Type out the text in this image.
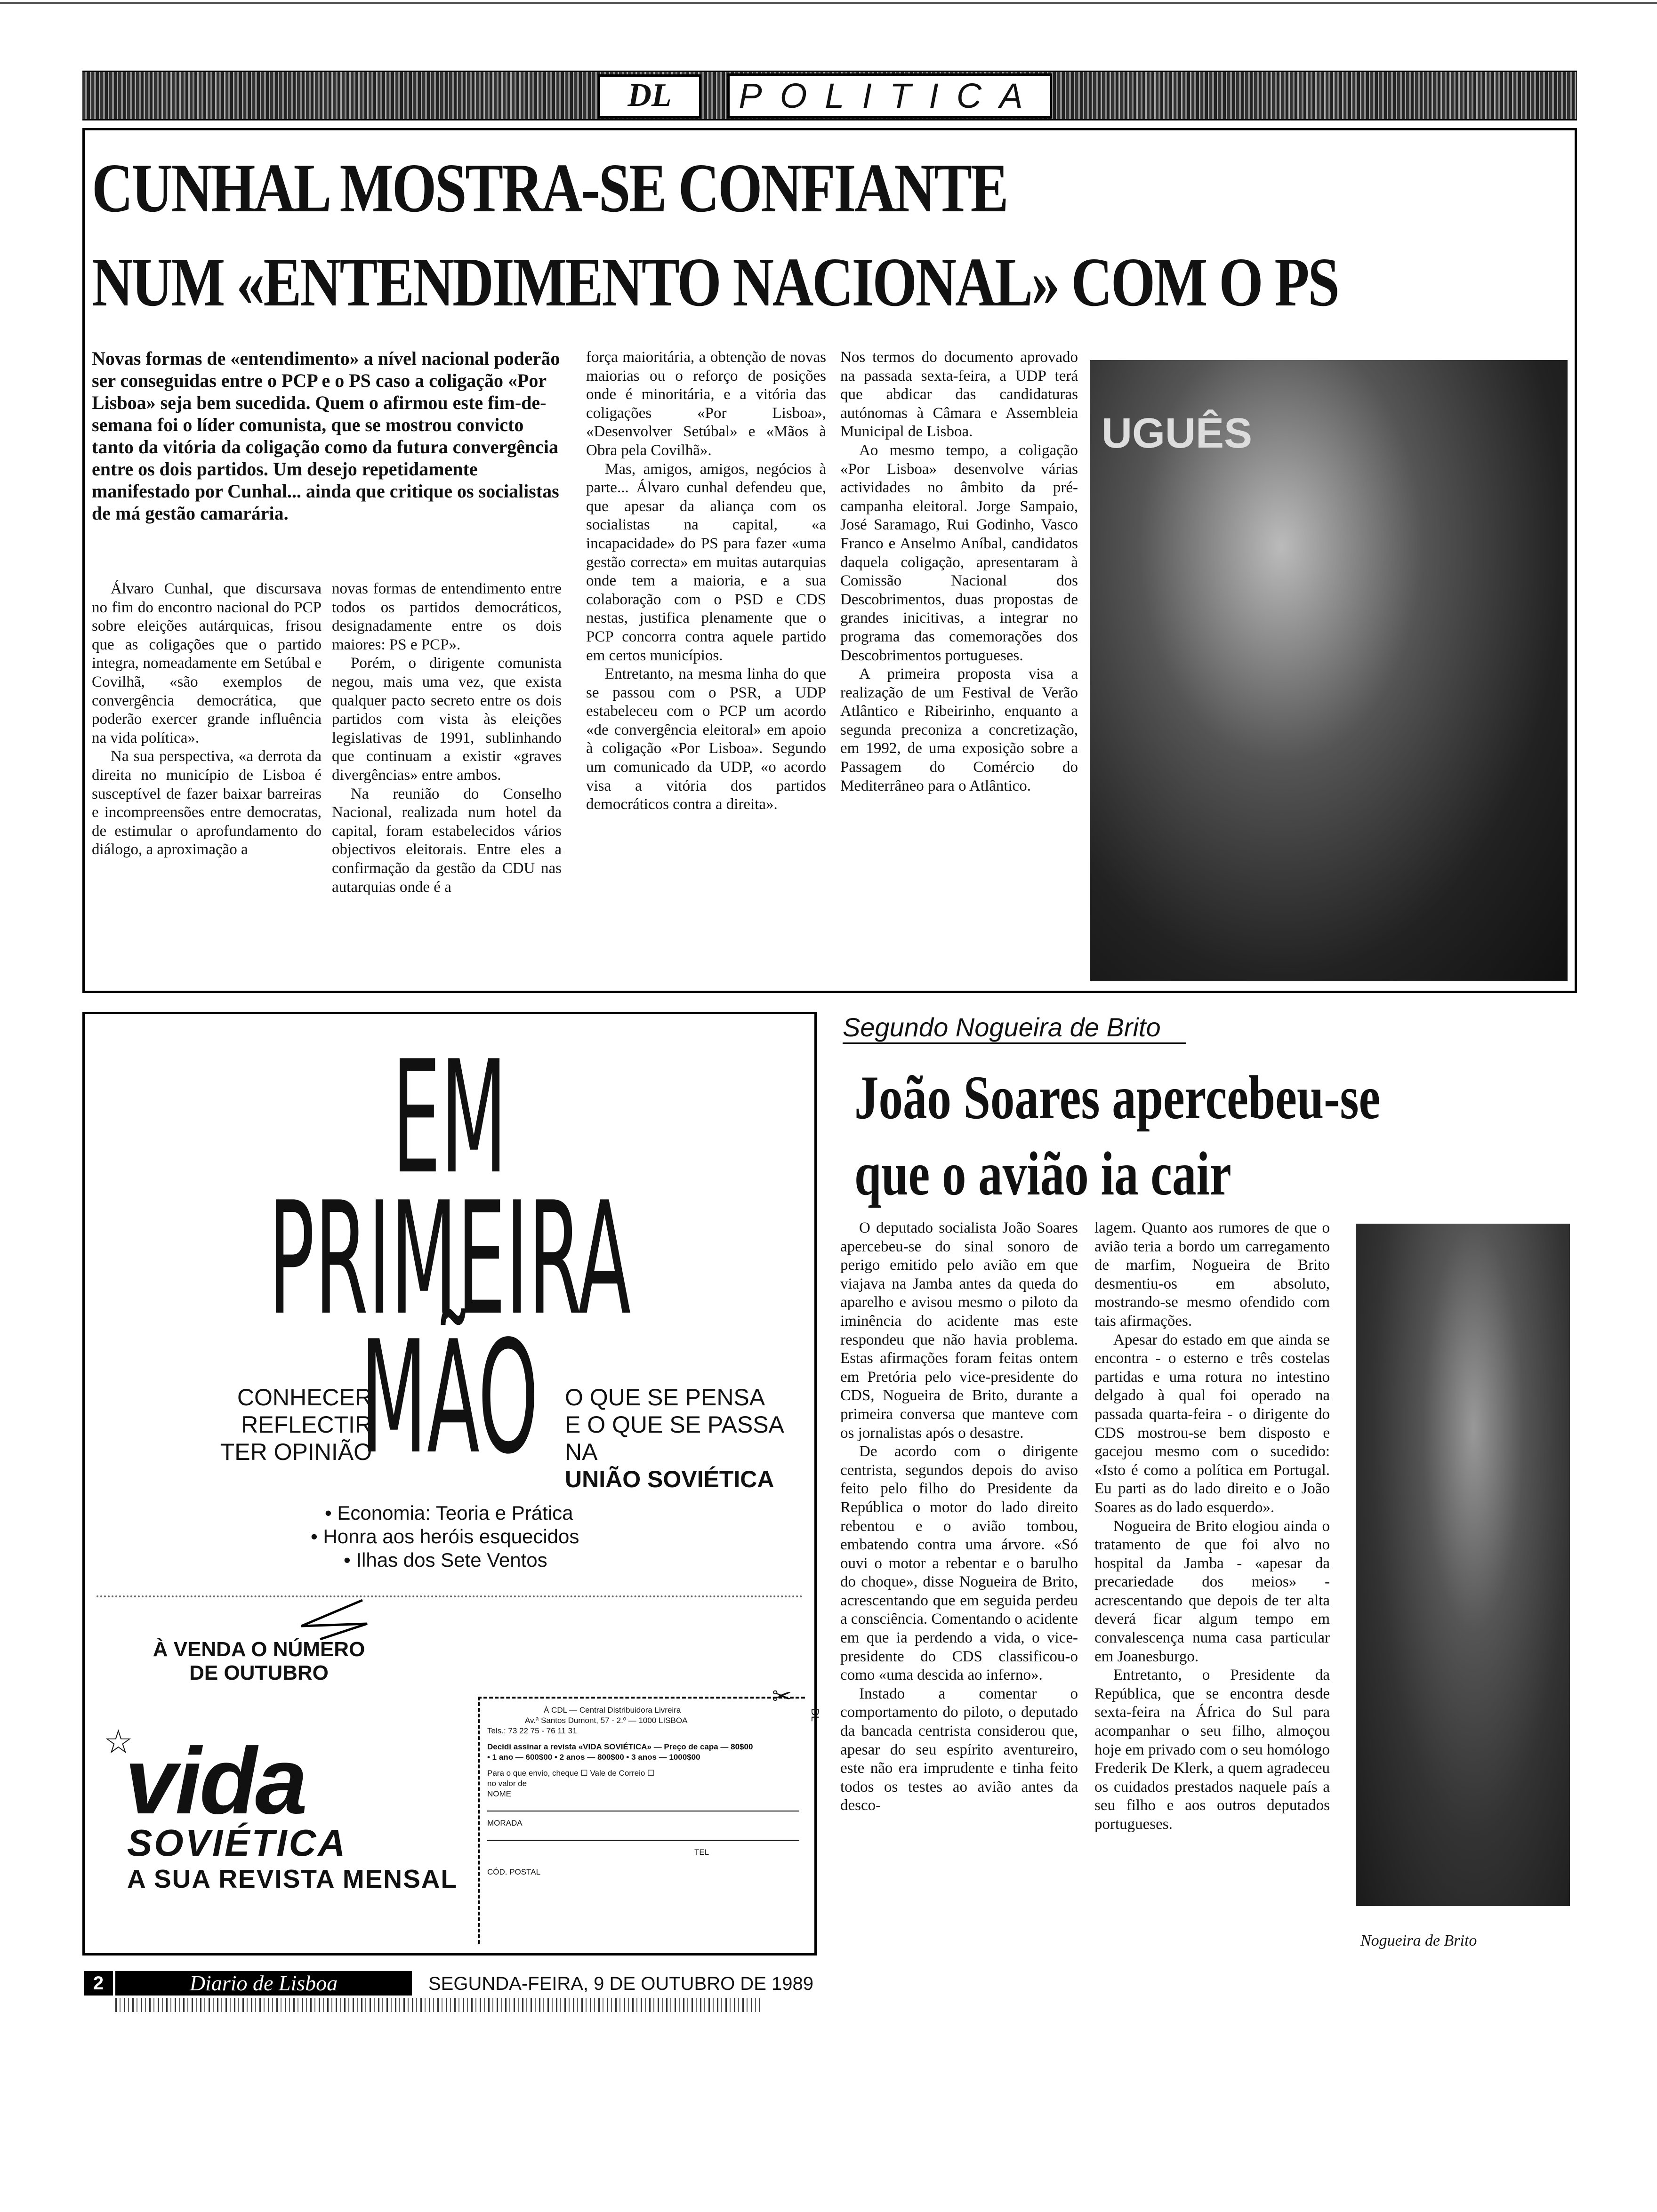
DL	POLITICA
CUNHAL MOSTRA-SE CONFIANTE
NUM «ENTENDIMENTO NACIONAL» COM O PS
Novas formas de «entendimento» a nível nacional poderão ser conseguidas entre o PCP e o PS caso a coligação «Por Lisboa» seja bem sucedida. Quem o afirmou este fim-de-semana foi o líder comunista, que se mostrou convicto tanto da vitória da coligação como da futura convergência entre os dois partidos. Um desejo repetidamente manifestado por Cunhal... ainda que critique os socialistas de má gestão camarária.

Álvaro Cunhal, que discursava no fim do encontro nacional do PCP sobre eleições autárquicas, frisou que as coligações que o partido integra, nomeadamente em Setúbal e Covilhã, «são exemplos de convergência democrática, que poderão exercer grande influência na vida política».

Na sua perspectiva, «a derrota da direita no município de Lisboa é susceptível de fazer baixar barreiras e incompreensões entre democratas, de estimular o aprofundamento do diálogo, a aproximação a

novas formas de entendimento entre todos os partidos democráticos, designadamente entre os dois maiores: PS e PCP».

Porém, o dirigente comunista negou, mais uma vez, que exista qualquer pacto secreto entre os dois partidos com vista às eleições legislativas de 1991, sublinhando que continuam a existir «graves divergências» entre ambos.

Na reunião do Conselho Nacional, realizada num hotel da capital, foram estabelecidos vários objectivos eleitorais. Entre eles a confirmação da gestão da CDU nas autarquias onde é a

força maioritária, a obtenção de novas maiorias ou o reforço de posições onde é minoritária, e a vitória das coligações «Por Lisboa», «Desenvolver Setúbal» e «Mãos à Obra pela Covilhã».

Mas, amigos, amigos, negócios à parte... Álvaro cunhal defendeu que, que apesar da aliança com os socialistas na capital, «a incapacidade» do PS para fazer «uma gestão correcta» em muitas autarquias onde tem a maioria, e a sua colaboração com o PSD e CDS nestas, justifica plenamente que o PCP concorra contra aquele partido em certos municípios.

Entretanto, na mesma linha do que se passou com o PSR, a UDP estabeleceu com o PCP um acordo «de convergência eleitoral» em apoio à coligação «Por Lisboa». Segundo um comunicado da UDP, «o acordo visa a vitória dos partidos democráticos contra a direita».

Nos termos do documento aprovado na passada sexta-feira, a UDP terá que abdicar das candidaturas autónomas à Câmara e Assembleia Municipal de Lisboa.

Ao mesmo tempo, a coligação «Por Lisboa» desenvolve várias actividades no âmbito da pré-campanha eleitoral. Jorge Sampaio, José Saramago, Rui Godinho, Vasco Franco e Anselmo Aníbal, candidatos daquela coligação, apresentaram à Comissão Nacional dos Descobrimentos, duas propostas de grandes inicitivas, a integrar no programa das comemorações dos Descobrimentos portugueses.

A primeira proposta visa a realização de um Festival de Verão Atlântico e Ribeirinho, enquanto a segunda preconiza a concretização, em 1992, de uma exposição sobre a Passagem do Comércio do Mediterrâneo para o Atlântico.

UGUÊS
EM
PRIMEIRA
MÃO
CONHECER
REFLECTIR
TER OPINIÃO
O QUE SE PENSA
E O QUE SE PASSA NA
UNIÃO SOVIÉTICA
• Economia: Teoria e Prática
• Honra aos heróis esquecidos
• Ilhas dos Sete Ventos
À VENDA O NÚMERO
DE OUTUBRO
☆
vida
SOVIÉTICA
A SUA REVISTA MENSAL
✂
DL
À CDL — Central Distribuidora Livreira
Av.ª Santos Dumont, 57 - 2.º — 1000 LISBOA
Tels.: 73 22 75 - 76 11 31
Decidi assinar a revista «VIDA SOVIÉTICA» — Preço de capa — 80$00
• 1 ano — 600$00 • 2 anos — 800$00 • 3 anos — 1000$00
Para o que envio, cheque ☐ Vale de Correio ☐
no valor de
NOME
MORADA
TEL
CÓD. POSTAL
Segundo Nogueira de Brito
João Soares apercebeu-se
que o avião ia cair

O deputado socialista João Soares apercebeu-se do sinal sonoro de perigo emitido pelo avião em que viajava na Jamba antes da queda do aparelho e avisou mesmo o piloto da iminência do acidente mas este respondeu que não havia problema. Estas afirmações foram feitas ontem em Pretória pelo vice-presidente do CDS, Nogueira de Brito, durante a primeira conversa que manteve com os jornalistas após o desastre.

De acordo com o dirigente centrista, segundos depois do aviso feito pelo filho do Presidente da República o motor do lado direito rebentou e o avião tombou, embatendo contra uma árvore. «Só ouvi o motor a rebentar e o barulho do choque», disse Nogueira de Brito, acrescentando que em seguida perdeu a consciência. Comentando o acidente em que ia perdendo a vida, o vice-presidente do CDS classificou-o como «uma descida ao inferno».

Instado a comentar o comportamento do piloto, o deputado da bancada centrista considerou que, apesar do seu espírito aventureiro, este não era imprudente e tinha feito todos os testes ao avião antes da desco-

lagem. Quanto aos rumores de que o avião teria a bordo um carregamento de marfim, Nogueira de Brito desmentiu-os em absoluto, mostrando-se mesmo ofendido com tais afirmações.

Apesar do estado em que ainda se encontra - o esterno e três costelas partidas e uma rotura no intestino delgado à qual foi operado na passada quarta-feira - o dirigente do CDS mostrou-se bem disposto e gacejou mesmo com o sucedido: «Isto é como a política em Portugal. Eu parti as do lado direito e o João Soares as do lado esquerdo».

Nogueira de Brito elogiou ainda o tratamento de que foi alvo no hospital da Jamba - «apesar da precariedade dos meios» - acrescentando que depois de ter alta deverá ficar algum tempo em convalescença numa casa particular em Joanesburgo.

Entretanto, o Presidente da República, que se encontra desde sexta-feira na África do Sul para acompanhar o seu filho, almoçou hoje em privado com o seu homólogo Frederik De Klerk, a quem agradeceu os cuidados prestados naquele país a seu filho e aos outros deputados portugueses.

Nogueira de Brito
2	Diario de Lisboa	SEGUNDA-FEIRA, 9 DE OUTUBRO DE 1989
